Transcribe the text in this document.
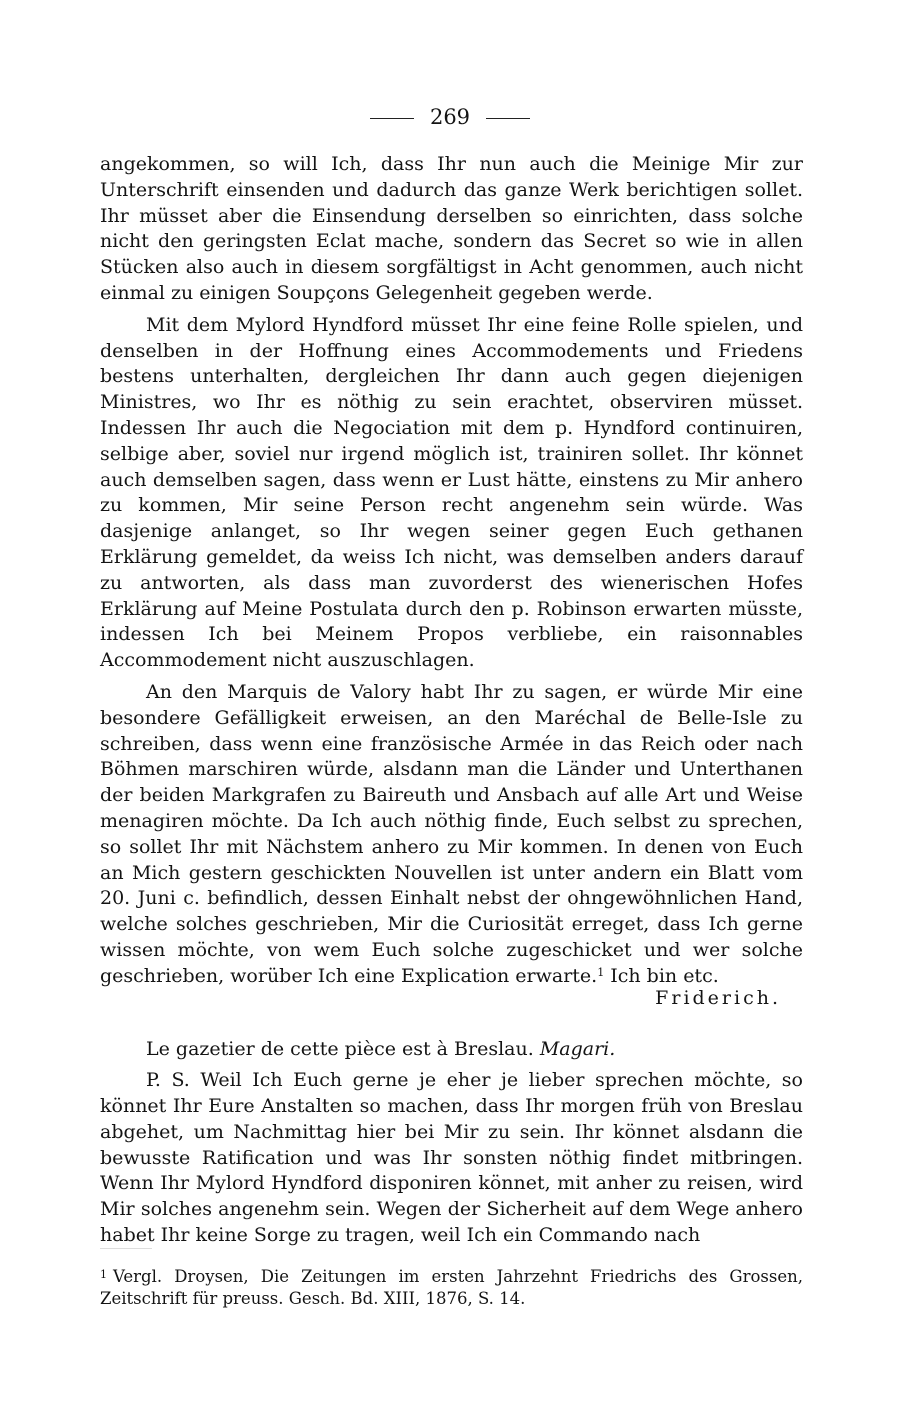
269

angekommen, so will Ich, dass Ihr nun auch die Meinige Mir zur Unterschrift einsenden und dadurch das ganze Werk berichtigen sollet. Ihr müsset aber die Einsendung derselben so einrichten, dass solche nicht den geringsten Eclat mache, sondern das Secret so wie in allen Stücken also auch in diesem sorgfältigst in Acht genommen, auch nicht einmal zu einigen Soupçons Gelegenheit gegeben werde.

Mit dem Mylord Hyndford müsset Ihr eine feine Rolle spielen, und denselben in der Hoffnung eines Accommodements und Friedens bestens unterhalten, dergleichen Ihr dann auch gegen diejenigen Ministres, wo Ihr es nöthig zu sein erachtet, observiren müsset. Indessen Ihr auch die Negociation mit dem p. Hyndford continuiren, selbige aber, soviel nur irgend möglich ist, trainiren sollet. Ihr könnet auch demselben sagen, dass wenn er Lust hätte, einstens zu Mir anhero zu kommen, Mir seine Person recht angenehm sein würde. Was dasjenige anlanget, so Ihr wegen seiner gegen Euch gethanen Erklärung gemeldet, da weiss Ich nicht, was demselben anders darauf zu antworten, als dass man zuvorderst des wienerischen Hofes Erklärung auf Meine Postulata durch den p. Robinson erwarten müsste, indessen Ich bei Meinem Propos verbliebe, ein raisonnables Accommodement nicht auszuschlagen.

An den Marquis de Valory habt Ihr zu sagen, er würde Mir eine besondere Gefälligkeit erweisen, an den Maréchal de Belle-Isle zu schreiben, dass wenn eine französische Armée in das Reich oder nach Böhmen marschiren würde, alsdann man die Länder und Unterthanen der beiden Markgrafen zu Baireuth und Ansbach auf alle Art und Weise menagiren möchte. Da Ich auch nöthig finde, Euch selbst zu sprechen, so sollet Ihr mit Nächstem anhero zu Mir kommen. In denen von Euch an Mich gestern geschickten Nouvellen ist unter andern ein Blatt vom 20. Juni c. befindlich, dessen Einhalt nebst der ohngewöhnlichen Hand, welche solches geschrieben, Mir die Curiosität erreget, dass Ich gerne wissen möchte, von wem Euch solche zugeschicket und wer solche geschrieben, worüber Ich eine Explication erwarte.$^1$ Ich bin etc.

Friderich.

Le gazetier de cette pièce est à Breslau. Magari.

P. S. Weil Ich Euch gerne je eher je lieber sprechen möchte, so könnet Ihr Eure Anstalten so machen, dass Ihr morgen früh von Breslau abgehet, um Nachmittag hier bei Mir zu sein. Ihr könnet alsdann die bewusste Ratification und was Ihr sonsten nöthig findet mitbringen. Wenn Ihr Mylord Hyndford disponiren könnet, mit anher zu reisen, wird Mir solches angenehm sein. Wegen der Sicherheit auf dem Wege anhero habet Ihr keine Sorge zu tragen, weil Ich ein Commando nach

$^1$ Vergl. Droysen, Die Zeitungen im ersten Jahrzehnt Friedrichs des Grossen, Zeitschrift für preuss. Gesch. Bd. XIII, 1876, S. 14.
